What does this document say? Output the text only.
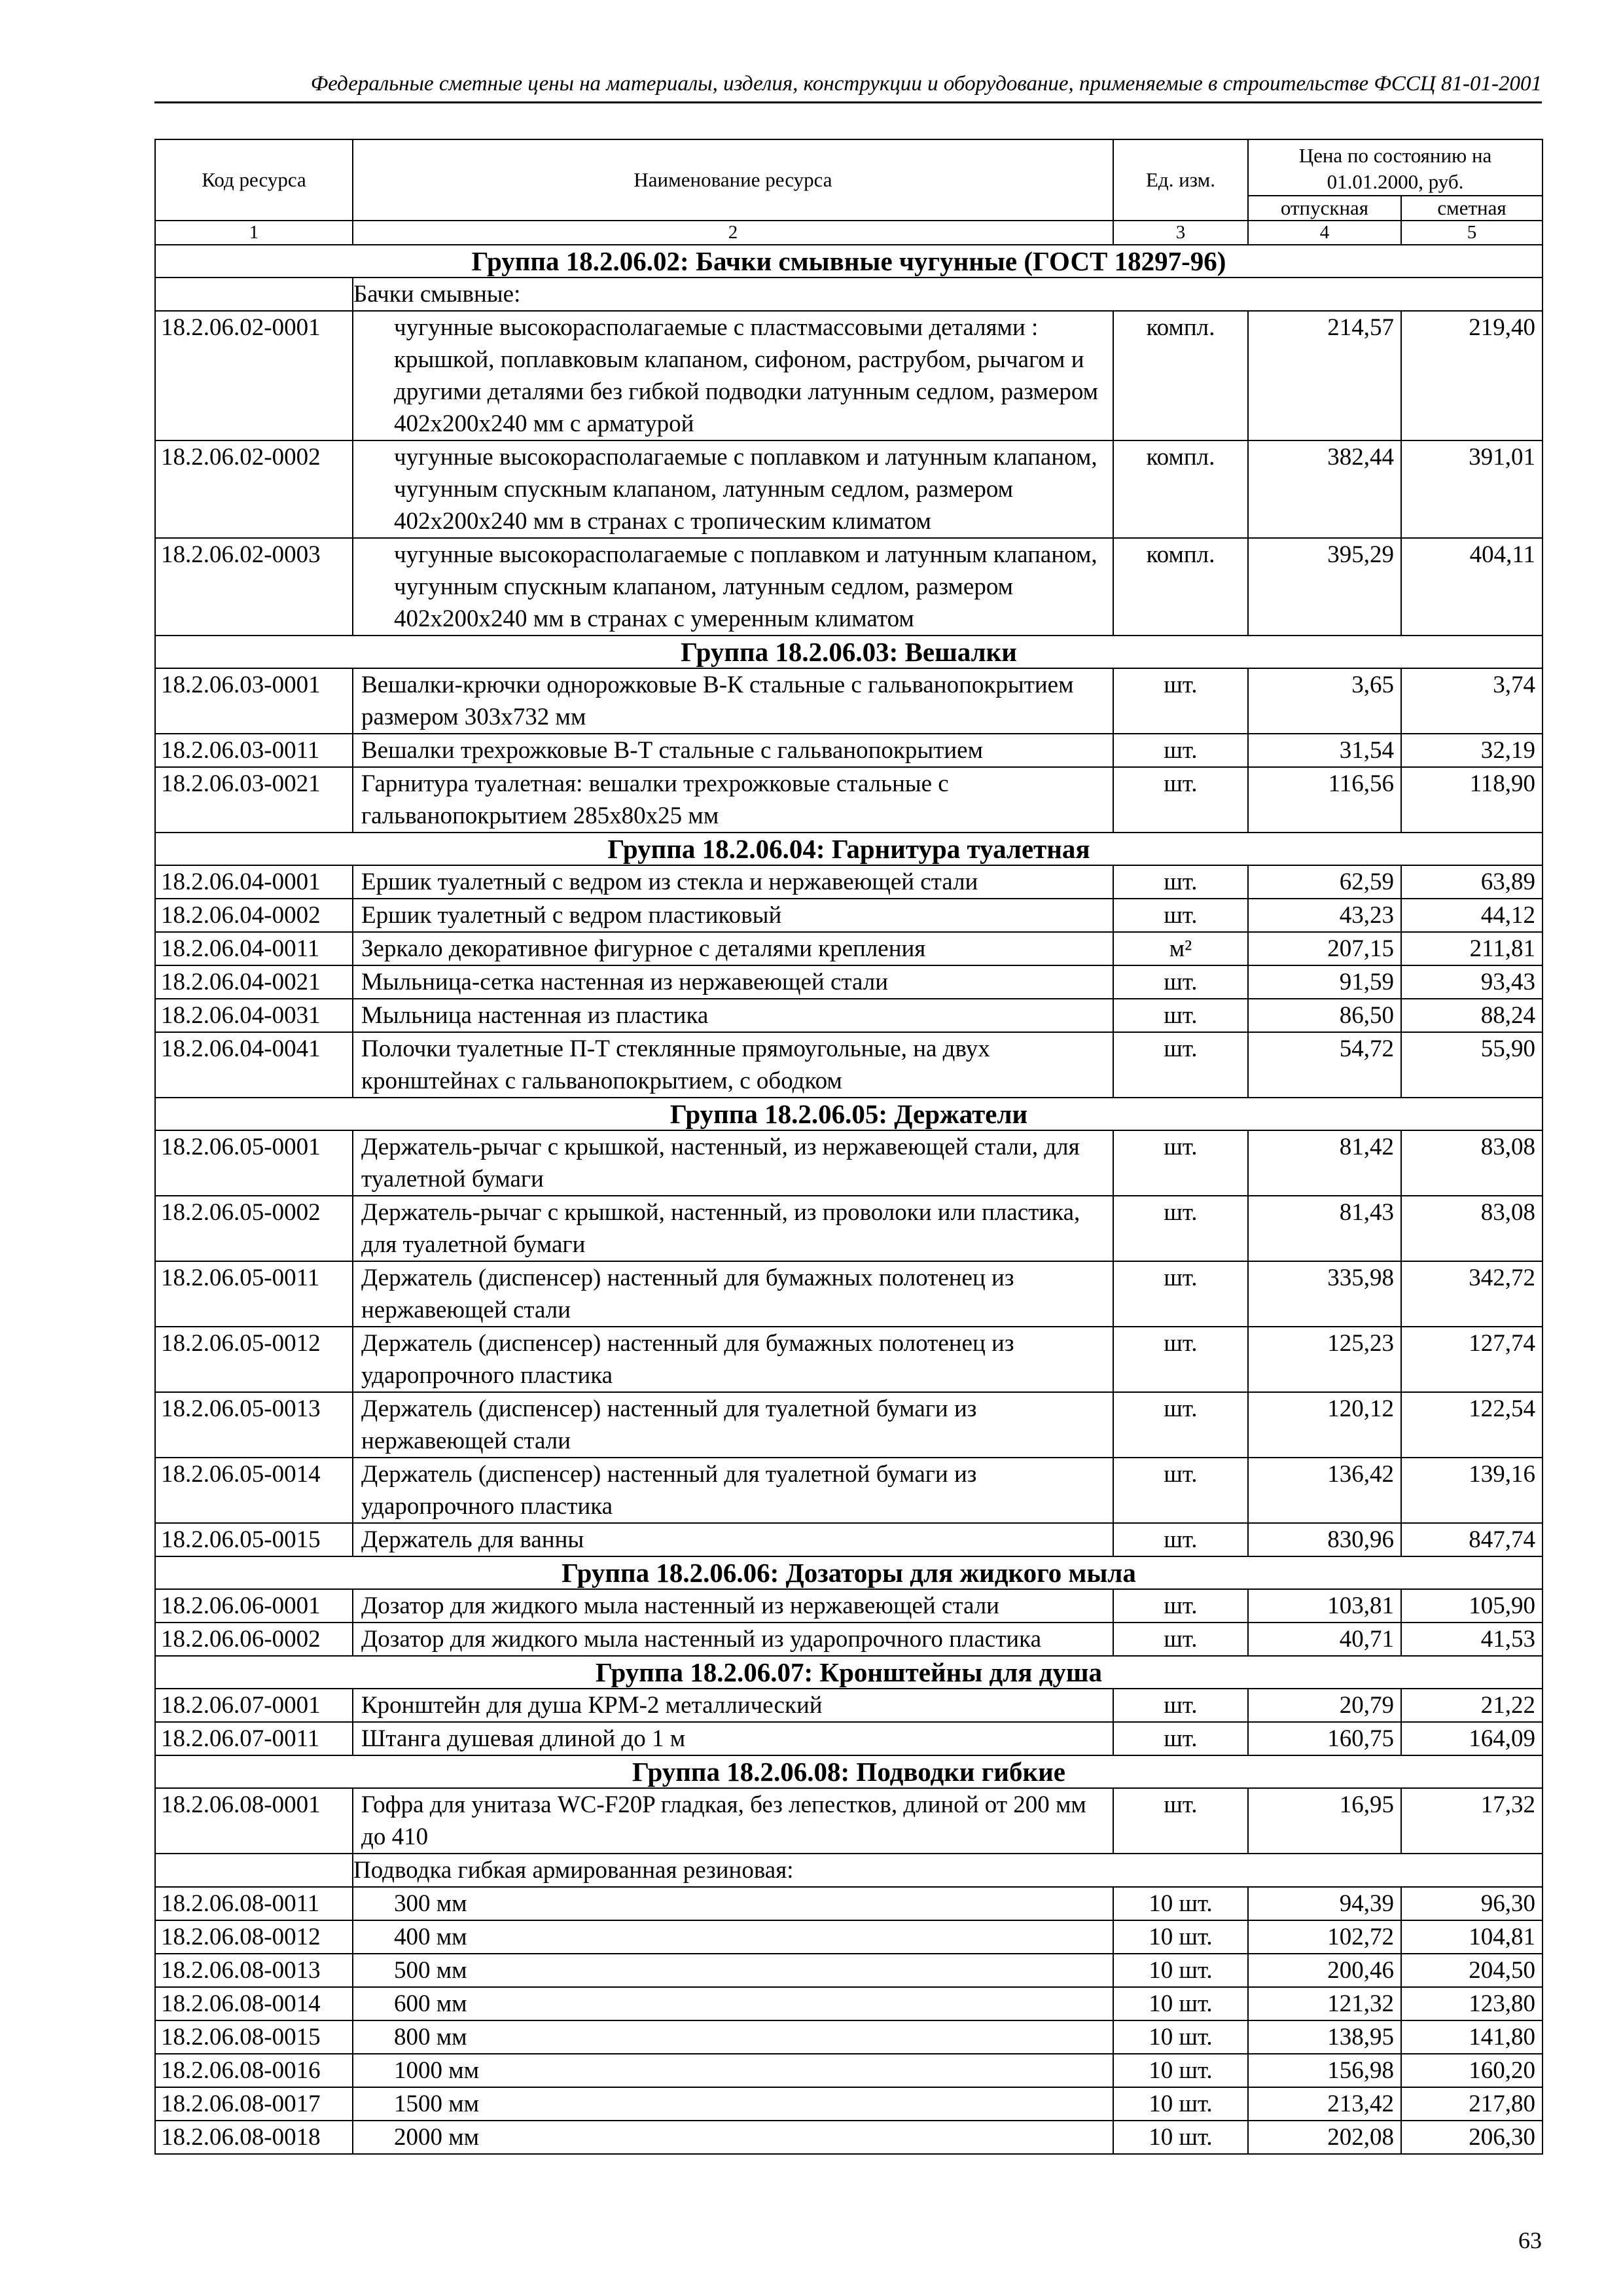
Федеральные сметные цены на материалы, изделия, конструкции и оборудование, применяемые в строительстве ФССЦ 81-01-2001
Код ресурса	Наименование ресурса	Ед. изм.	Цена по состоянию на 01.01.2000, руб.	
			отпускная	сметная
1	2	3	4	5
Группа 18.2.06.02: Бачки смывные чугунные (ГОСТ 18297-96)				
	Бачки смывные:			
18.2.06.02-0001	чугунные высокорасполагаемые с пластмассовыми деталями : крышкой, поплавковым клапаном, сифоном, раструбом, рычагом и другими деталями без гибкой подводки латунным седлом, размером 402х200х240 мм с арматурой	компл.	214,57	219,40
18.2.06.02-0002	чугунные высокорасполагаемые с поплавком и латунным клапаном, чугунным спускным клапаном, латунным седлом, размером 402х200х240 мм в странах с тропическим климатом	компл.	382,44	391,01
18.2.06.02-0003	чугунные высокорасполагаемые с поплавком и латунным клапаном, чугунным спускным клапаном, латунным седлом, размером 402х200х240 мм в странах с умеренным климатом	компл.	395,29	404,11
Группа 18.2.06.03: Вешалки				
18.2.06.03-0001	Вешалки-крючки однорожковые В-К стальные с гальванопокрытием размером 303х732 мм	шт.	3,65	3,74
18.2.06.03-0011	Вешалки трехрожковые В-Т стальные с гальванопокрытием	шт.	31,54	32,19
18.2.06.03-0021	Гарнитура туалетная: вешалки трехрожковые стальные с гальванопокрытием 285х80х25 мм	шт.	116,56	118,90
Группа 18.2.06.04: Гарнитура туалетная				
18.2.06.04-0001	Ершик туалетный с ведром из стекла и нержавеющей стали	шт.	62,59	63,89
18.2.06.04-0002	Ершик туалетный с ведром пластиковый	шт.	43,23	44,12
18.2.06.04-0011	Зеркало декоративное фигурное с деталями крепления	м²	207,15	211,81
18.2.06.04-0021	Мыльница-сетка настенная из нержавеющей стали	шт.	91,59	93,43
18.2.06.04-0031	Мыльница настенная из пластика	шт.	86,50	88,24
18.2.06.04-0041	Полочки туалетные П-Т стеклянные прямоугольные, на двух кронштейнах с гальванопокрытием, с ободком	шт.	54,72	55,90
Группа 18.2.06.05: Держатели				
18.2.06.05-0001	Держатель-рычаг с крышкой, настенный, из нержавеющей стали, для туалетной бумаги	шт.	81,42	83,08
18.2.06.05-0002	Держатель-рычаг с крышкой, настенный, из проволоки или пластика, для туалетной бумаги	шт.	81,43	83,08
18.2.06.05-0011	Держатель (диспенсер) настенный для бумажных полотенец из нержавеющей стали	шт.	335,98	342,72
18.2.06.05-0012	Держатель (диспенсер) настенный для бумажных полотенец из ударопрочного пластика	шт.	125,23	127,74
18.2.06.05-0013	Держатель (диспенсер) настенный для туалетной бумаги из нержавеющей стали	шт.	120,12	122,54
18.2.06.05-0014	Держатель (диспенсер) настенный для туалетной бумаги из ударопрочного пластика	шт.	136,42	139,16
18.2.06.05-0015	Держатель для ванны	шт.	830,96	847,74
Группа 18.2.06.06: Дозаторы для жидкого мыла				
18.2.06.06-0001	Дозатор для жидкого мыла настенный из нержавеющей стали	шт.	103,81	105,90
18.2.06.06-0002	Дозатор для жидкого мыла настенный из ударопрочного пластика	шт.	40,71	41,53
Группа 18.2.06.07: Кронштейны для душа				
18.2.06.07-0001	Кронштейн для душа КРМ-2 металлический	шт.	20,79	21,22
18.2.06.07-0011	Штанга душевая длиной до 1 м	шт.	160,75	164,09
Группа 18.2.06.08: Подводки гибкие				
18.2.06.08-0001	Гофра для унитаза WC-F20P гладкая, без лепестков, длиной от 200 мм до 410	шт.	16,95	17,32
	Подводка гибкая армированная резиновая:			
18.2.06.08-0011	300 мм	10 шт.	94,39	96,30
18.2.06.08-0012	400 мм	10 шт.	102,72	104,81
18.2.06.08-0013	500 мм	10 шт.	200,46	204,50
18.2.06.08-0014	600 мм	10 шт.	121,32	123,80
18.2.06.08-0015	800 мм	10 шт.	138,95	141,80
18.2.06.08-0016	1000 мм	10 шт.	156,98	160,20
18.2.06.08-0017	1500 мм	10 шт.	213,42	217,80
18.2.06.08-0018	2000 мм	10 шт.	202,08	206,30
63
